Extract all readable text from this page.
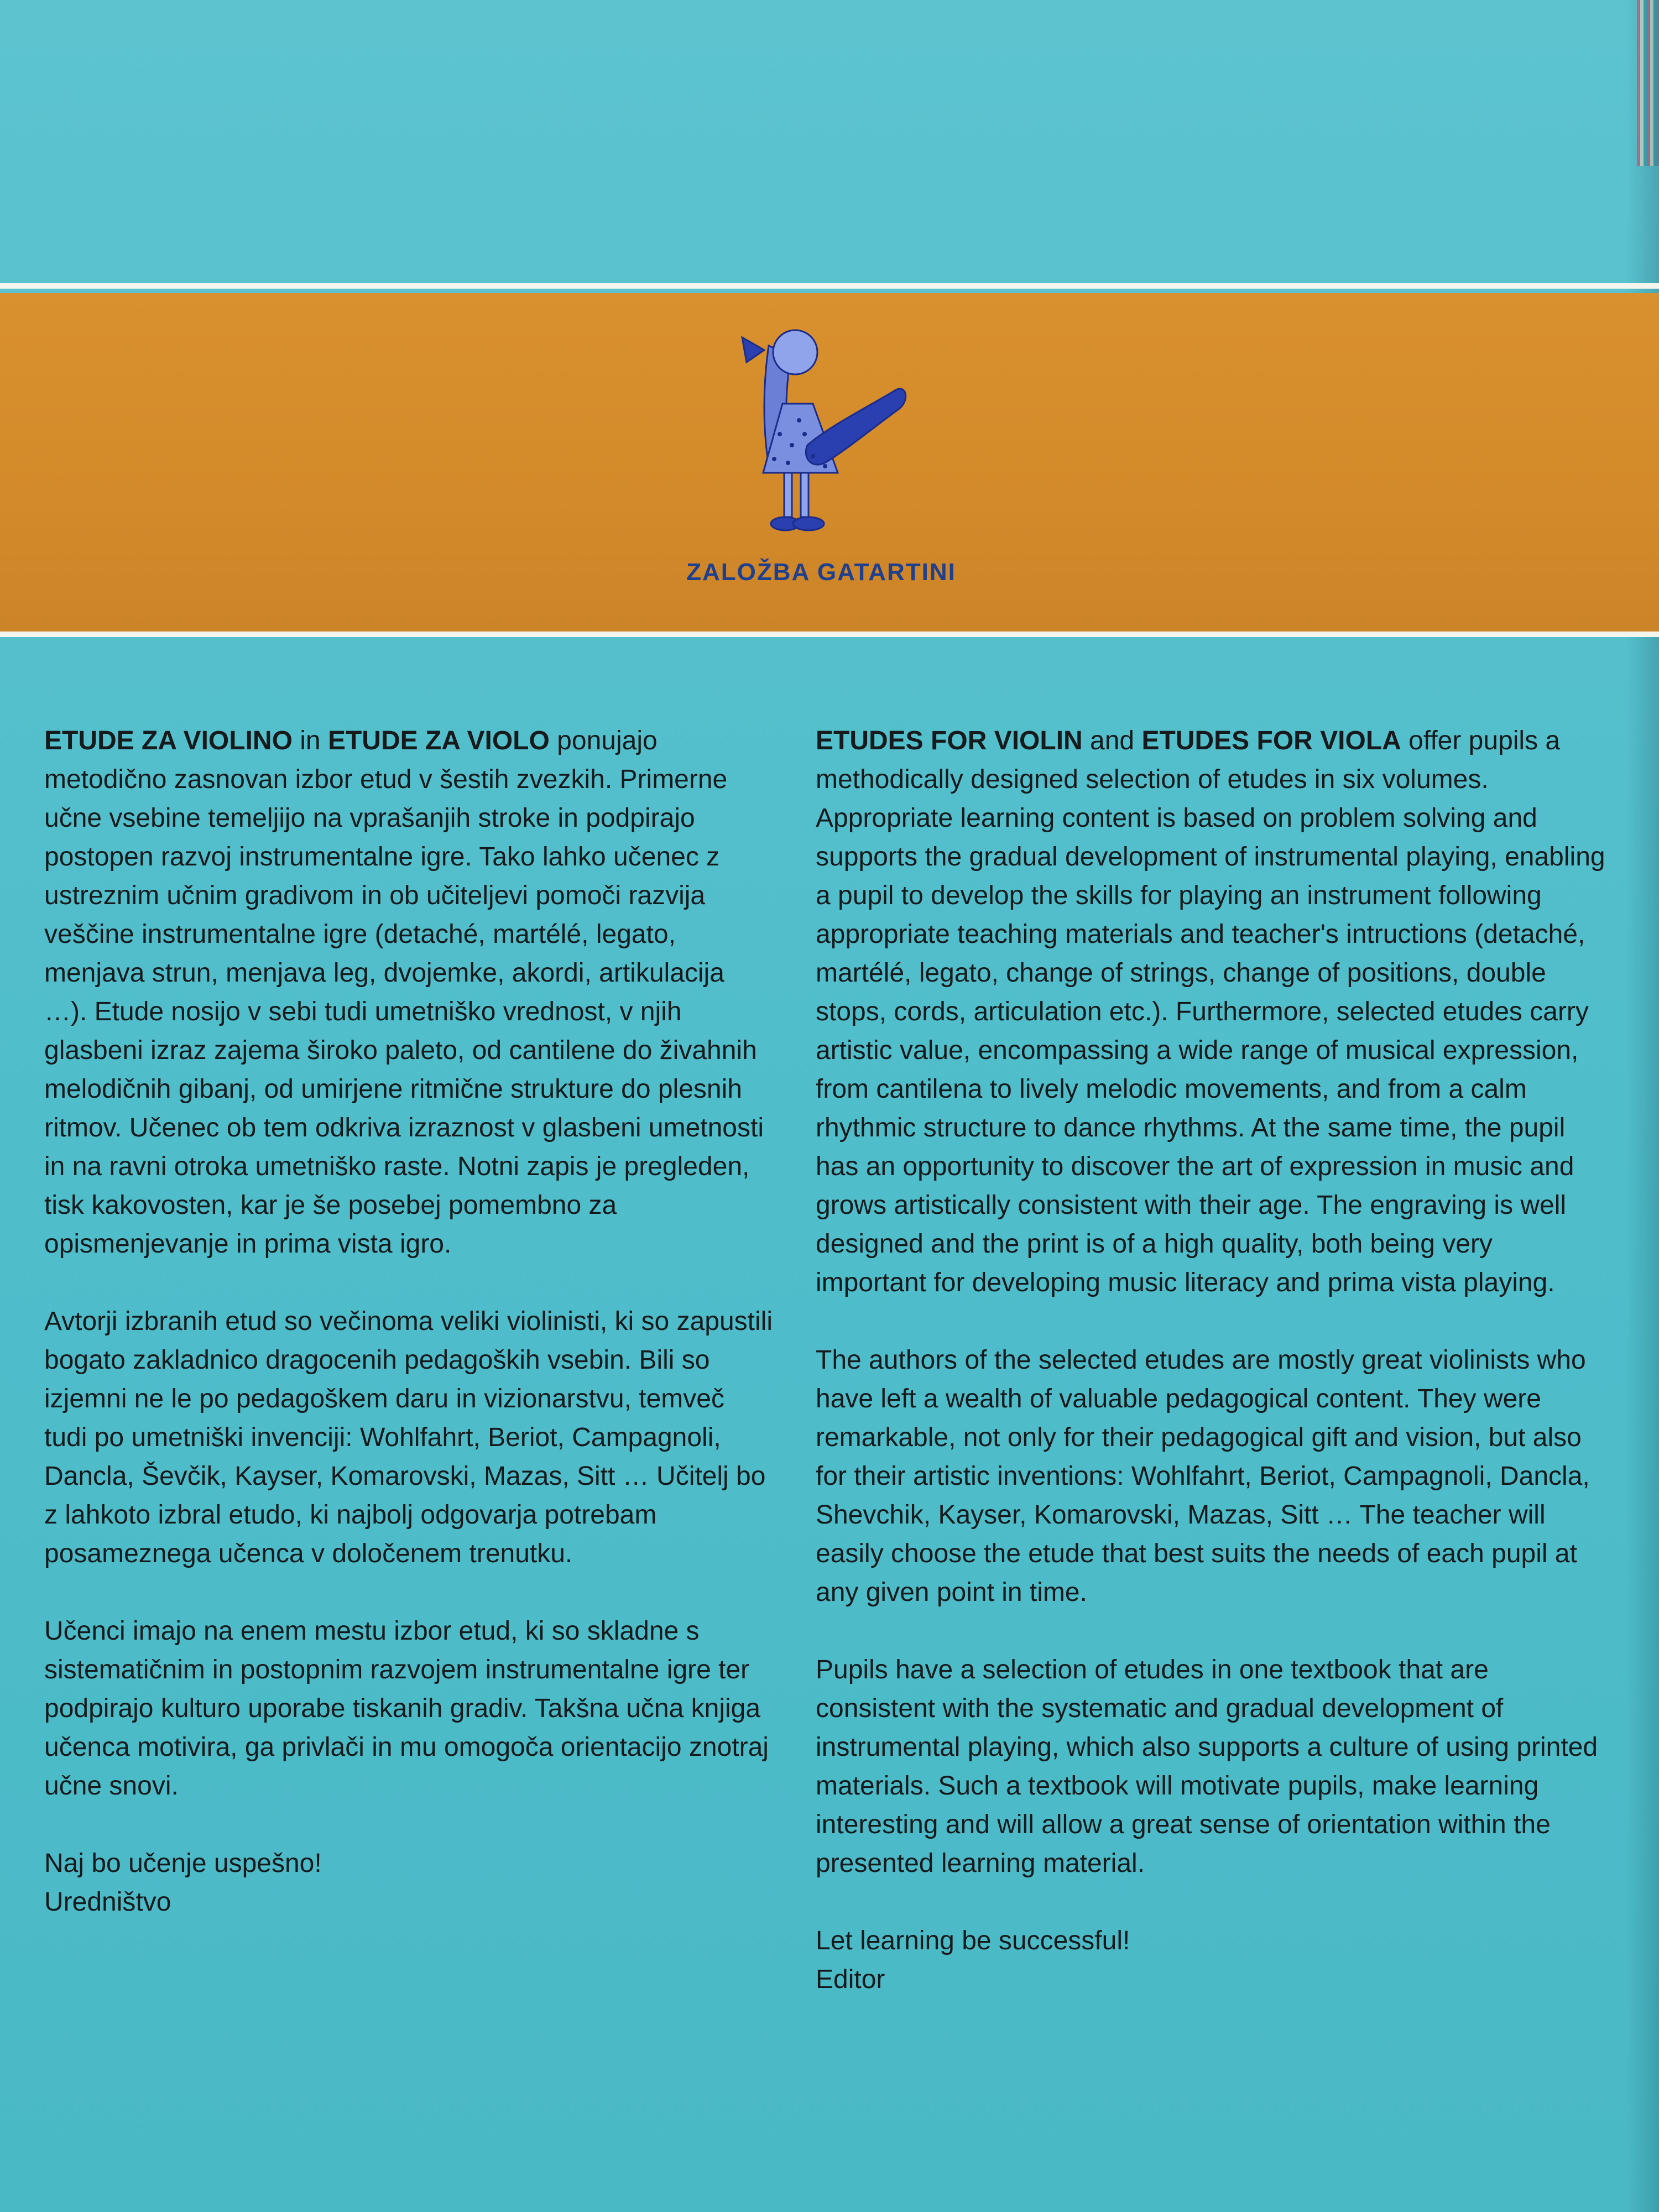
ZALOŽBA GATARTINI

ETUDE ZA VIOLINO in ETUDE ZA VIOLO ponujajo metodično zasnovan izbor etud v šestih zvezkih. Primerne učne vsebine temeljijo na vprašanjih stroke in podpirajo postopen razvoj instrumentalne igre. Tako lahko učenec z ustreznim učnim gradivom in ob učiteljevi pomoči razvija veščine instrumentalne igre (detaché, martélé, legato, menjava strun, menjava leg, dvojemke, akordi, artikulacija …). Etude nosijo v sebi tudi umetniško vrednost, v njih glasbeni izraz zajema široko paleto, od cantilene do živahnih melodičnih gibanj, od umirjene ritmične strukture do plesnih ritmov. Učenec ob tem odkriva izraznost v glasbeni umetnosti in na ravni otroka umetniško raste. Notni zapis je pregleden, tisk kakovosten, kar je še posebej pomembno za opismenjevanje in prima vista igro.

Avtorji izbranih etud so večinoma veliki violinisti, ki so zapustili bogato zakladnico dragocenih pedagoških vsebin. Bili so izjemni ne le po pedagoškem daru in vizionarstvu, temveč tudi po umetniški invenciji: Wohlfahrt, Beriot, Campagnoli, Dancla, Ševčik, Kayser, Komarovski, Mazas, Sitt … Učitelj bo z lahkoto izbral etudo, ki najbolj odgovarja potrebam posameznega učenca v določenem trenutku.

Učenci imajo na enem mestu izbor etud, ki so skladne s sistematičnim in postopnim razvojem instrumentalne igre ter podpirajo kulturo uporabe tiskanih gradiv. Takšna učna knjiga učenca motivira, ga privlači in mu omogoča orientacijo znotraj učne snovi.

Naj bo učenje uspešno!

Uredništvo

ETUDES FOR VIOLIN and ETUDES FOR VIOLA offer pupils a methodically designed selection of etudes in six volumes. Appropriate learning content is based on problem solving and supports the gradual development of instrumental playing, enabling a pupil to develop the skills for playing an instrument following appropriate teaching materials and teacher's intructions (detaché, martélé, legato, change of strings, change of positions, double stops, cords, articulation etc.). Furthermore, selected etudes carry artistic value, encompassing a wide range of musical expression, from cantilena to lively melodic movements, and from a calm rhythmic structure to dance rhythms. At the same time, the pupil has an opportunity to discover the art of expression in music and grows artistically consistent with their age. The engraving is well designed and the print is of a high quality, both being very important for developing music literacy and prima vista playing.

The authors of the selected etudes are mostly great violinists who have left a wealth of valuable pedagogical content. They were remarkable, not only for their pedagogical gift and vision, but also for their artistic inventions: Wohlfahrt, Beriot, Campagnoli, Dancla, Shevchik, Kayser, Komarovski, Mazas, Sitt … The teacher will easily choose the etude that best suits the needs of each pupil at any given point in time.

Pupils have a selection of etudes in one textbook that are consistent with the systematic and gradual development of instrumental playing, which also supports a culture of using printed materials. Such a textbook will motivate pupils, make learning interesting and will allow a great sense of orientation within the presented learning material.

Let learning be successful!

Editor
